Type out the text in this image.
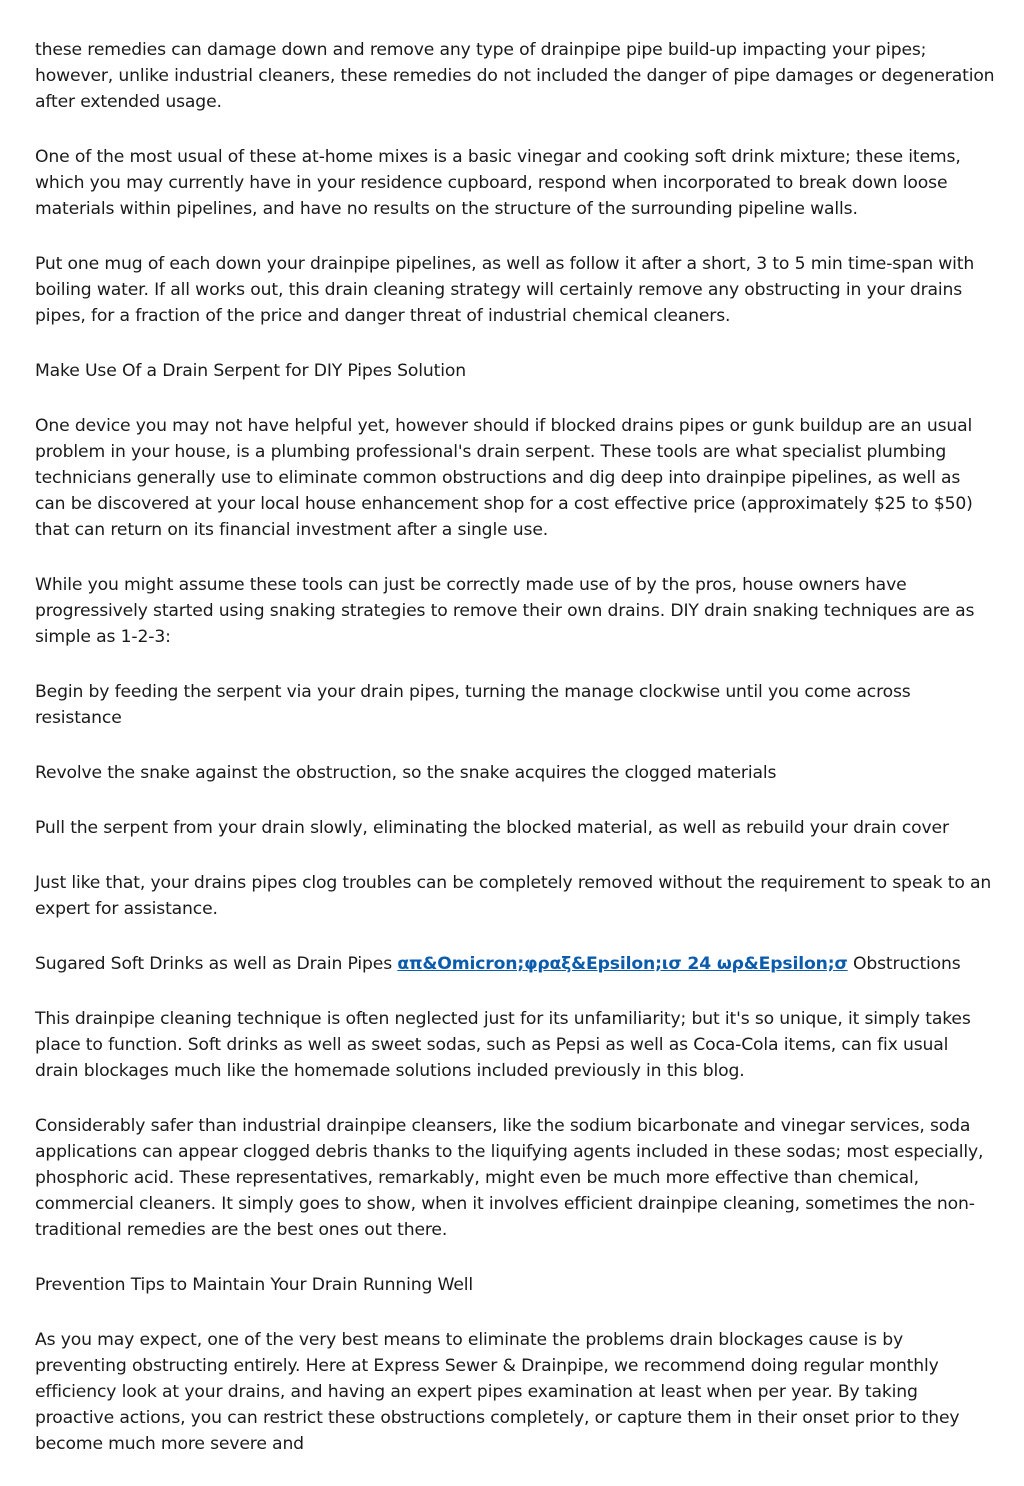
these remedies can damage down and remove any type of drainpipe pipe build-up impacting your pipes; however, unlike industrial cleaners, these remedies do not included the danger of pipe damages or degeneration after extended usage.

One of the most usual of these at-home mixes is a basic vinegar and cooking soft drink mixture; these items, which you may currently have in your residence cupboard, respond when incorporated to break down loose materials within pipelines, and have no results on the structure of the surrounding pipeline walls.

Put one mug of each down your drainpipe pipelines, as well as follow it after a short, 3 to 5 min time-span with boiling water. If all works out, this drain cleaning strategy will certainly remove any obstructing in your drains pipes, for a fraction of the price and danger threat of industrial chemical cleaners.

Make Use Of a Drain Serpent for DIY Pipes Solution

One device you may not have helpful yet, however should if blocked drains pipes or gunk buildup are an usual problem in your house, is a plumbing professional's drain serpent. These tools are what specialist plumbing technicians generally use to eliminate common obstructions and dig deep into drainpipe pipelines, as well as can be discovered at your local house enhancement shop for a cost effective price (approximately $25 to $50) that can return on its financial investment after a single use.

While you might assume these tools can just be correctly made use of by the pros, house owners have progressively started using snaking strategies to remove their own drains. DIY drain snaking techniques are as simple as 1-2-3:

Begin by feeding the serpent via your drain pipes, turning the manage clockwise until you come across resistance

Revolve the snake against the obstruction, so the snake acquires the clogged materials

Pull the serpent from your drain slowly, eliminating the blocked material, as well as rebuild your drain cover

Just like that, your drains pipes clog troubles can be completely removed without the requirement to speak to an expert for assistance.

Sugared Soft Drinks as well as Drain Pipes απ&Omicron;φραξ&Epsilon;ισ 24 ωρ&Epsilon;σ Obstructions

This drainpipe cleaning technique is often neglected just for its unfamiliarity; but it's so unique, it simply takes place to function. Soft drinks as well as sweet sodas, such as Pepsi as well as Coca-Cola items, can fix usual drain blockages much like the homemade solutions included previously in this blog.

Considerably safer than industrial drainpipe cleansers, like the sodium bicarbonate and vinegar services, soda applications can appear clogged debris thanks to the liquifying agents included in these sodas; most especially, phosphoric acid. These representatives, remarkably, might even be much more effective than chemical, commercial cleaners. It simply goes to show, when it involves efficient drainpipe cleaning, sometimes the non-traditional remedies are the best ones out there.

Prevention Tips to Maintain Your Drain Running Well

As you may expect, one of the very best means to eliminate the problems drain blockages cause is by preventing obstructing entirely. Here at Express Sewer & Drainpipe, we recommend doing regular monthly efficiency look at your drains, and having an expert pipes examination at least when per year. By taking proactive actions, you can restrict these obstructions completely, or capture them in their onset prior to they become much more severe and
